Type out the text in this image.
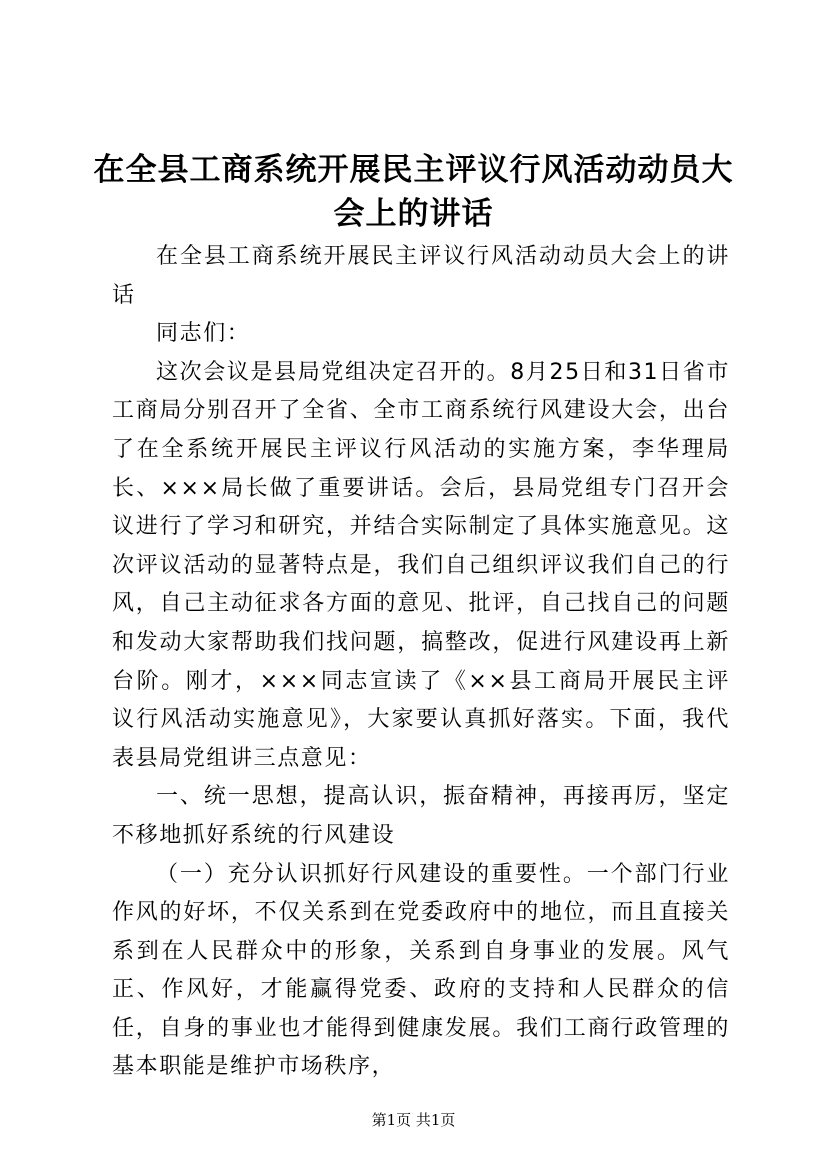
在全县工商系统开展民主评议行风活动动员大会上的讲话

在全县工商系统开展民主评议行风活动动员大会上的讲话

同志们：

这次会议是县局党组决定召开的。8月25日和31日省市工商局分别召开了全省、全市工商系统行风建设大会，出台了在全系统开展民主评议行风活动的实施方案，李华理局长、×××局长做了重要讲话。会后，县局党组专门召开会议进行了学习和研究，并结合实际制定了具体实施意见。这次评议活动的显著特点是，我们自己组织评议我们自己的行风，自己主动征求各方面的意见、批评，自己找自己的问题和发动大家帮助我们找问题，搞整改，促进行风建设再上新台阶。刚才，×××同志宣读了《××县工商局开展民主评议行风活动实施意见》，大家要认真抓好落实。下面，我代表县局党组讲三点意见：

一、统一思想，提高认识，振奋精神，再接再厉，坚定不移地抓好系统的行风建设

（一）充分认识抓好行风建设的重要性。一个部门行业作风的好坏，不仅关系到在党委政府中的地位，而且直接关系到在人民群众中的形象，关系到自身事业的发展。风气正、作风好，才能赢得党委、政府的支持和人民群众的信任，自身的事业也才能得到健康发展。我们工商行政管理的基本职能是维护市场秩序，

第1页 共1页
